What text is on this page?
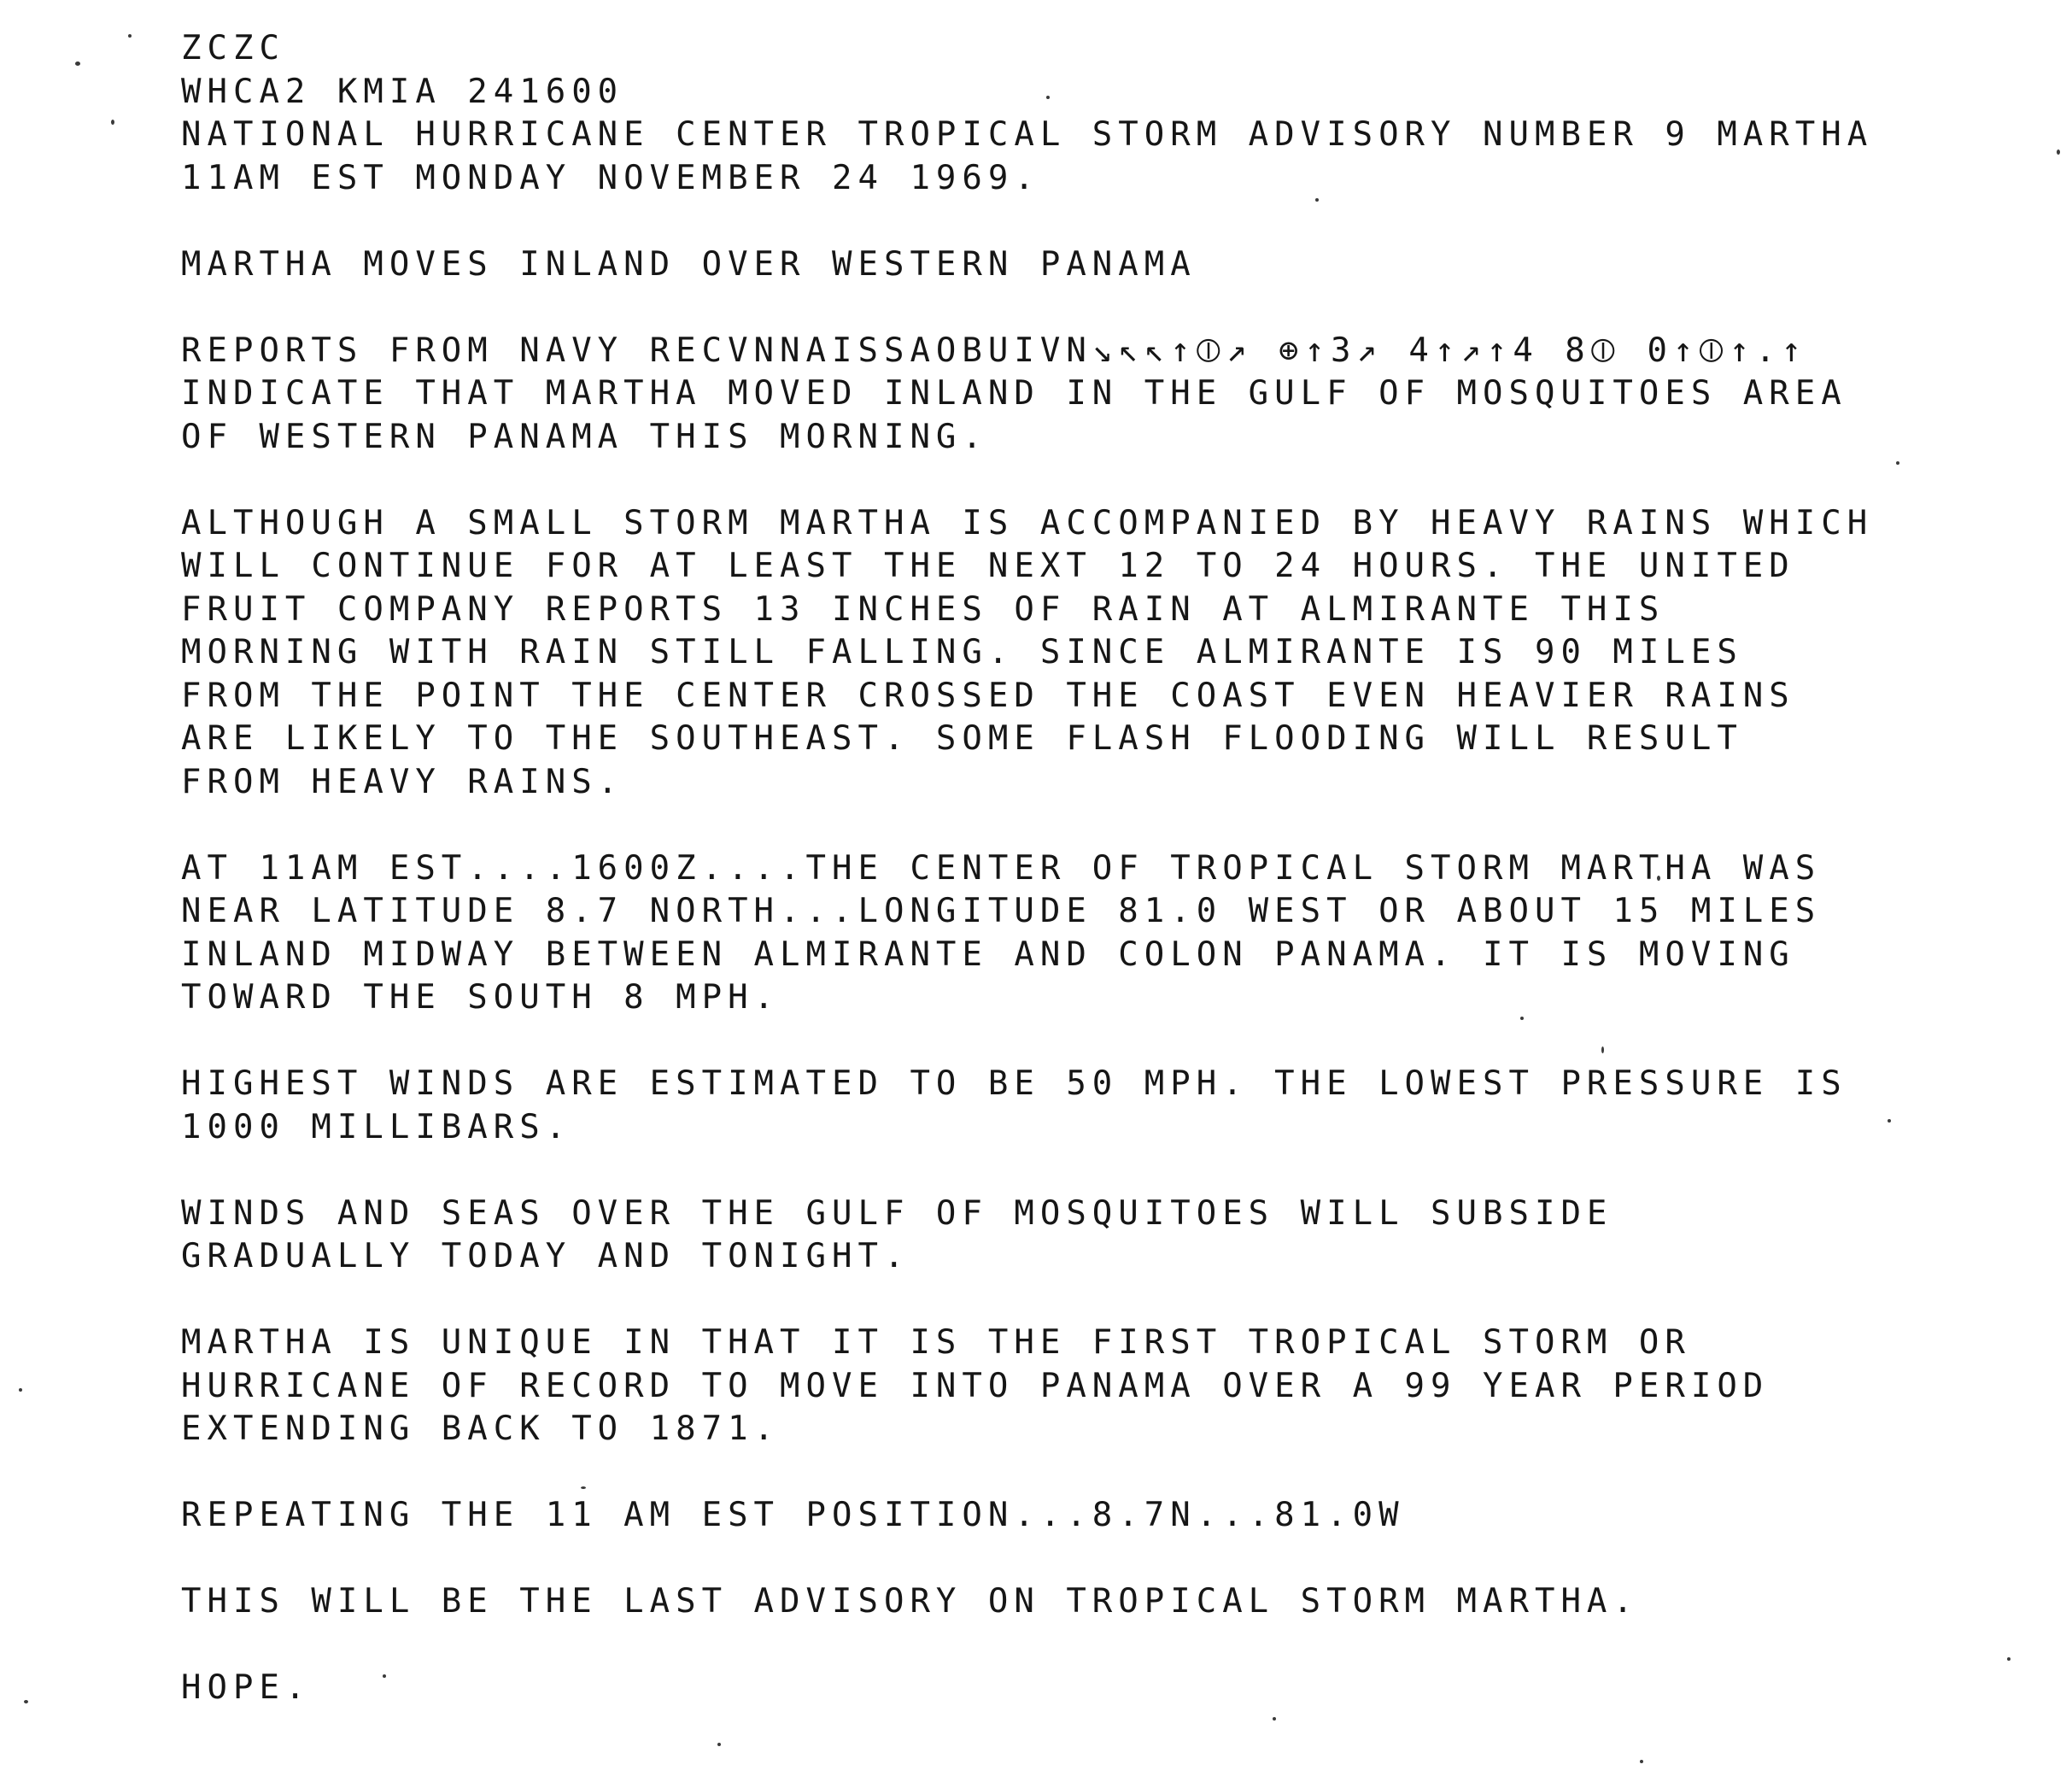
ZCZC
WHCA2 KMIA 241600
NATIONAL HURRICANE CENTER TROPICAL STORM ADVISORY NUMBER 9 MARTHA
11AM EST MONDAY NOVEMBER 24 1969.
MARTHA MOVES INLAND OVER WESTERN PANAMA
REPORTS FROM NAVY RECVNNAISSAOBUIVN↘↖↖↑⦶↗ ⊕↑3↗ 4↑↗↑4 8⦶ 0↑⦶↑.↑
INDICATE THAT MARTHA MOVED INLAND IN THE GULF OF MOSQUITOES AREA
OF WESTERN PANAMA THIS MORNING.
ALTHOUGH A SMALL STORM MARTHA IS ACCOMPANIED BY HEAVY RAINS WHICH
WILL CONTINUE FOR AT LEAST THE NEXT 12 TO 24 HOURS. THE UNITED
FRUIT COMPANY REPORTS 13 INCHES OF RAIN AT ALMIRANTE THIS
MORNING WITH RAIN STILL FALLING. SINCE ALMIRANTE IS 90 MILES
FROM THE POINT THE CENTER CROSSED THE COAST EVEN HEAVIER RAINS
ARE LIKELY TO THE SOUTHEAST. SOME FLASH FLOODING WILL RESULT
FROM HEAVY RAINS.
AT 11AM EST....1600Z....THE CENTER OF TROPICAL STORM MARTHA WAS
NEAR LATITUDE 8.7 NORTH...LONGITUDE 81.0 WEST OR ABOUT 15 MILES
INLAND MIDWAY BETWEEN ALMIRANTE AND COLON PANAMA. IT IS MOVING
TOWARD THE SOUTH 8 MPH.
HIGHEST WINDS ARE ESTIMATED TO BE 50 MPH. THE LOWEST PRESSURE IS
1000 MILLIBARS.
WINDS AND SEAS OVER THE GULF OF MOSQUITOES WILL SUBSIDE
GRADUALLY TODAY AND TONIGHT.
MARTHA IS UNIQUE IN THAT IT IS THE FIRST TROPICAL STORM OR
HURRICANE OF RECORD TO MOVE INTO PANAMA OVER A 99 YEAR PERIOD
EXTENDING BACK TO 1871.
REPEATING THE 11 AM EST POSITION...8.7N...81.0W
THIS WILL BE THE LAST ADVISORY ON TROPICAL STORM MARTHA.
HOPE.
